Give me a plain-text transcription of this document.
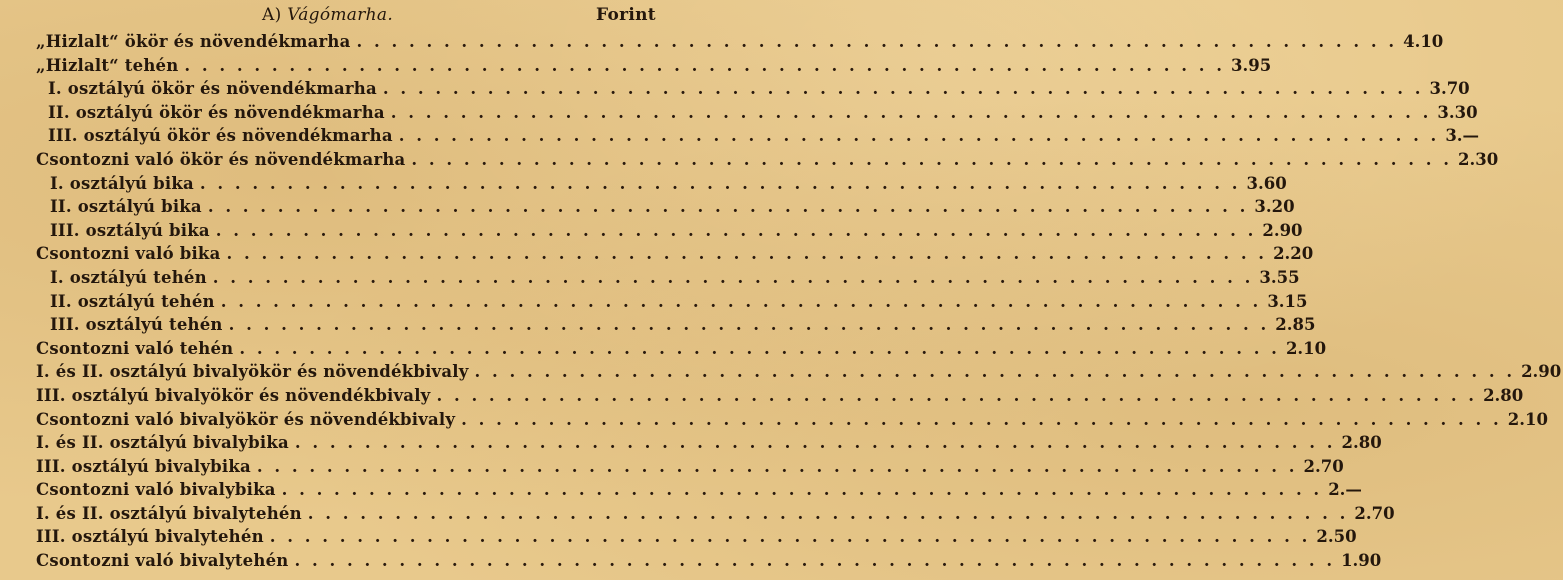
A) Vágómarha.	Forint
„Hizlalt“ ökör és növendékmarha . . . . . . . . . . . . . . . . . . . . . . . . . . . . . . . . . . . . . . . . . . . . . . . . . . . . . . . . . . . . 4.10
„Hizlalt“ tehén . . . . . . . . . . . . . . . . . . . . . . . . . . . . . . . . . . . . . . . . . . . . . . . . . . . . . . . . . . . . 3.95
I. osztályú ökör és növendékmarha . . . . . . . . . . . . . . . . . . . . . . . . . . . . . . . . . . . . . . . . . . . . . . . . . . . . . . . . . . . . 3.70
II. osztályú ökör és növendékmarha . . . . . . . . . . . . . . . . . . . . . . . . . . . . . . . . . . . . . . . . . . . . . . . . . . . . . . . . . . . . 3.30
III. osztályú ökör és növendékmarha . . . . . . . . . . . . . . . . . . . . . . . . . . . . . . . . . . . . . . . . . . . . . . . . . . . . . . . . . . . . 3.—
Csontozni való ökör és növendékmarha . . . . . . . . . . . . . . . . . . . . . . . . . . . . . . . . . . . . . . . . . . . . . . . . . . . . . . . . . . . . 2.30
I. osztályú bika . . . . . . . . . . . . . . . . . . . . . . . . . . . . . . . . . . . . . . . . . . . . . . . . . . . . . . . . . . . . 3.60
II. osztályú bika . . . . . . . . . . . . . . . . . . . . . . . . . . . . . . . . . . . . . . . . . . . . . . . . . . . . . . . . . . . . 3.20
III. osztályú bika . . . . . . . . . . . . . . . . . . . . . . . . . . . . . . . . . . . . . . . . . . . . . . . . . . . . . . . . . . . . 2.90
Csontozni való bika . . . . . . . . . . . . . . . . . . . . . . . . . . . . . . . . . . . . . . . . . . . . . . . . . . . . . . . . . . . . 2.20
I. osztályú tehén . . . . . . . . . . . . . . . . . . . . . . . . . . . . . . . . . . . . . . . . . . . . . . . . . . . . . . . . . . . . 3.55
II. osztályú tehén . . . . . . . . . . . . . . . . . . . . . . . . . . . . . . . . . . . . . . . . . . . . . . . . . . . . . . . . . . . . 3.15
III. osztályú tehén . . . . . . . . . . . . . . . . . . . . . . . . . . . . . . . . . . . . . . . . . . . . . . . . . . . . . . . . . . . . 2.85
Csontozni való tehén . . . . . . . . . . . . . . . . . . . . . . . . . . . . . . . . . . . . . . . . . . . . . . . . . . . . . . . . . . . . 2.10
I. és II. osztályú bivalyökör és növendékbivaly . . . . . . . . . . . . . . . . . . . . . . . . . . . . . . . . . . . . . . . . . . . . . . . . . . . . . . . . . . . . 2.90
III. osztályú bivalyökör és növendékbivaly . . . . . . . . . . . . . . . . . . . . . . . . . . . . . . . . . . . . . . . . . . . . . . . . . . . . . . . . . . . . 2.80
Csontozni való bivalyökör és növendékbivaly . . . . . . . . . . . . . . . . . . . . . . . . . . . . . . . . . . . . . . . . . . . . . . . . . . . . . . . . . . . . 2.10
I. és II. osztályú bivalybika . . . . . . . . . . . . . . . . . . . . . . . . . . . . . . . . . . . . . . . . . . . . . . . . . . . . . . . . . . . . 2.80
III. osztályú bivalybika . . . . . . . . . . . . . . . . . . . . . . . . . . . . . . . . . . . . . . . . . . . . . . . . . . . . . . . . . . . . 2.70
Csontozni való bivalybika . . . . . . . . . . . . . . . . . . . . . . . . . . . . . . . . . . . . . . . . . . . . . . . . . . . . . . . . . . . . 2.—
I. és II. osztályú bivalytehén . . . . . . . . . . . . . . . . . . . . . . . . . . . . . . . . . . . . . . . . . . . . . . . . . . . . . . . . . . . . 2.70
III. osztályú bivalytehén . . . . . . . . . . . . . . . . . . . . . . . . . . . . . . . . . . . . . . . . . . . . . . . . . . . . . . . . . . . . 2.50
Csontozni való bivalytehén . . . . . . . . . . . . . . . . . . . . . . . . . . . . . . . . . . . . . . . . . . . . . . . . . . . . . . . . . . . . 1.90
